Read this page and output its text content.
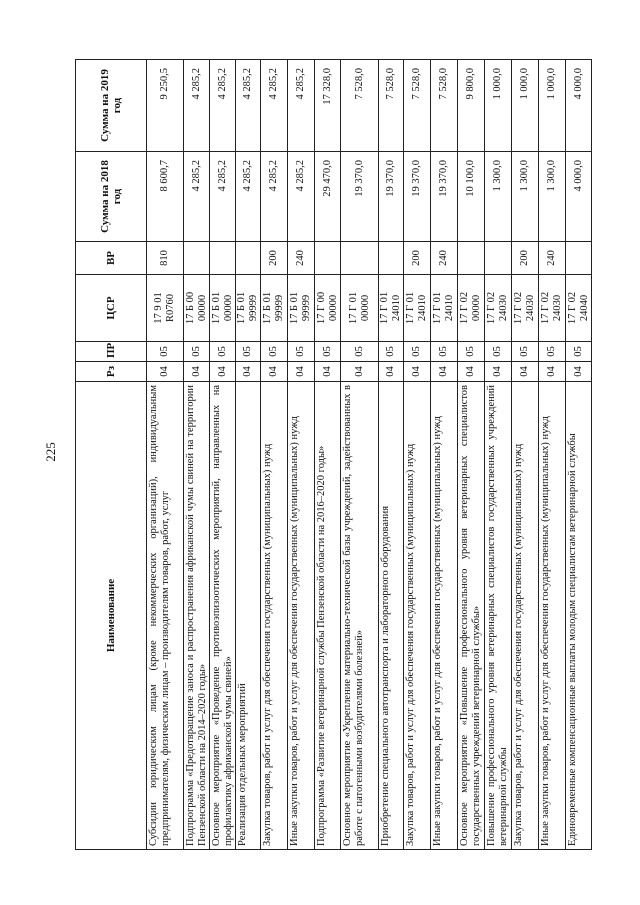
225
Наименование	Рз	ПР	ЦСР	ВР	Сумма на 2018 год	Сумма на 2019 год
Субсидии юридическим лицам (кроме некоммерческих организаций), индивидуальным предпринимателям, физическим лицам – производителям товаров, работ, услуг	04	05	17 9 01 R0760	810	8 600,7	9 250,5
Подпрограмма «Предотвращение заноса и распространения африканской чумы свиней на территории Пензенской области на 2014–2020 годы»	04	05	17 Б 00 00000		4 285,2	4 285,2
Основное мероприятие «Проведение противоэпизоотических мероприятий, направленных на профилактику африканской чумы свиней»	04	05	17 Б 01 00000		4 285,2	4 285,2
Реализация отдельных мероприятий	04	05	17 Б 01 99999		4 285,2	4 285,2
Закупка товаров, работ и услуг для обеспечения государственных (муниципальных) нужд	04	05	17 Б 01 99999	200	4 285,2	4 285,2
Иные закупки товаров, работ и услуг для обеспечения государственных (муниципальных) нужд	04	05	17 Б 01 99999	240	4 285,2	4 285,2
Подпрограмма «Развитие ветеринарной службы Пензенской области на 2016–2020 годы»	04	05	17 Г 00 00000		29 470,0	17 328,0
Основное мероприятие «Укрепление материально-технической базы учреждений, задействованных в работе с патогенными возбудителями болезней»	04	05	17 Г 01 00000		19 370,0	7 528,0
Приобретение специального автотранспорта и лабораторного оборудования	04	05	17 Г 01 24010		19 370,0	7 528,0
Закупка товаров, работ и услуг для обеспечения государственных (муниципальных) нужд	04	05	17 Г 01 24010	200	19 370,0	7 528,0
Иные закупки товаров, работ и услуг для обеспечения государственных (муниципальных) нужд	04	05	17 Г 01 24010	240	19 370,0	7 528,0
Основное мероприятие «Повышение профессионального уровня ветеринарных специалистов государственных учреждений ветеринарной службы»	04	05	17 Г 02 00000		10 100,0	9 800,0
Повышение профессионального уровня ветеринарных специалистов государственных учреждений ветеринарной службы	04	05	17 Г 02 24030		1 300,0	1 000,0
Закупка товаров, работ и услуг для обеспечения государственных (муниципальных) нужд	04	05	17 Г 02 24030	200	1 300,0	1 000,0
Иные закупки товаров, работ и услуг для обеспечения государственных (муниципальных) нужд	04	05	17 Г 02 24030	240	1 300,0	1 000,0
Единовременные компенсационные выплаты молодым специалистам ветеринарной службы	04	05	17 Г 02 24040		4 000,0	4 000,0
